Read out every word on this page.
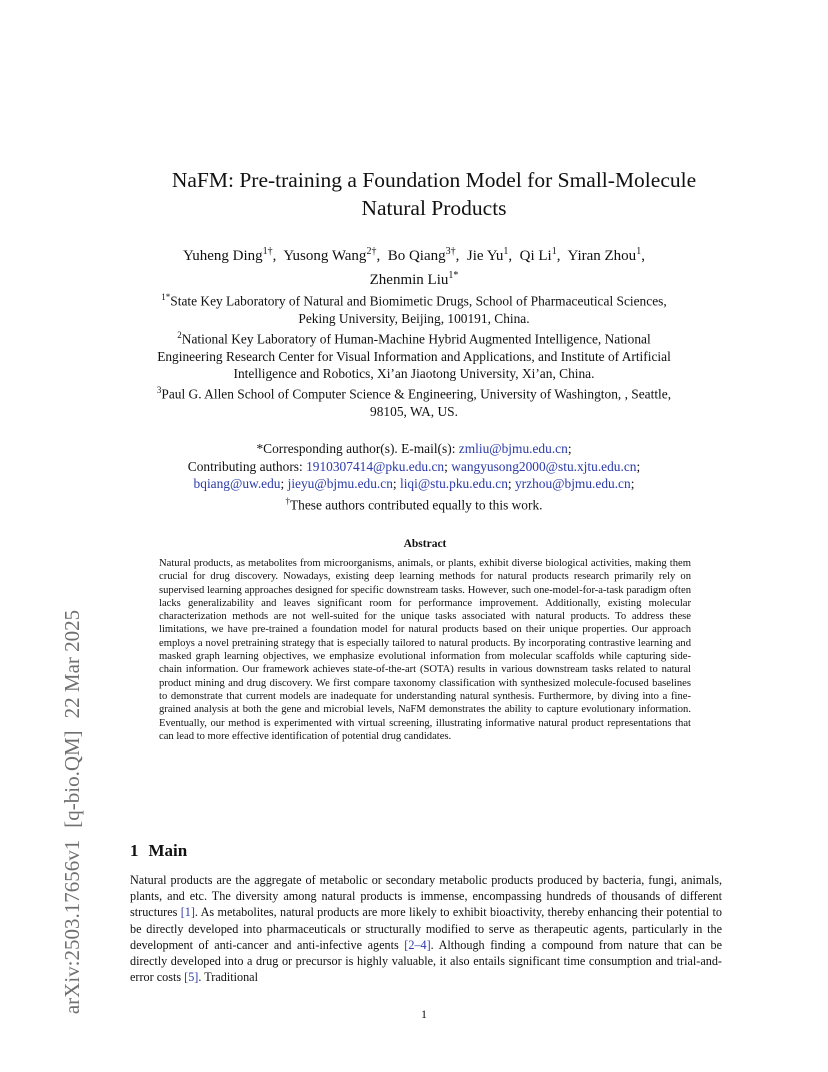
arXiv:2503.17656v1[q-bio.QM]22 Mar 2025
NaFM: Pre-training a Foundation Model for Small-Molecule
Natural Products
Yuheng Ding$^{1\dagger}$,  Yusong Wang$^{2\dagger}$,  Bo Qiang$^{3\dagger}$,  Jie Yu$^1$,  Qi Li$^1$,  Yiran Zhou$^1$,
Zhenmin Liu$^{1*}$
$^{1*}$State Key Laboratory of Natural and Biomimetic Drugs, School of Pharmaceutical Sciences, Peking University, Beijing, 100191, China.
$^2$National Key Laboratory of Human-Machine Hybrid Augmented Intelligence, National Engineering Research Center for Visual Information and Applications, and Institute of Artificial Intelligence and Robotics, Xi’an Jiaotong University, Xi’an, China.
$^3$Paul G. Allen School of Computer Science & Engineering, University of Washington, , Seattle, 98105, WA, US.
*Corresponding author(s). E-mail(s): zmliu@bjmu.edu.cn;
Contributing authors: 1910307414@pku.edu.cn; wangyusong2000@stu.xjtu.edu.cn;
bqiang@uw.edu; jieyu@bjmu.edu.cn; liqi@stu.pku.edu.cn; yrzhou@bjmu.edu.cn;
†These authors contributed equally to this work.
Abstract
Natural products, as metabolites from microorganisms, animals, or plants, exhibit diverse biological activities, making them crucial for drug discovery. Nowadays, existing deep learning methods for natural products research primarily rely on supervised learning approaches designed for specific downstream tasks. However, such one-model-for-a-task paradigm often lacks generalizability and leaves significant room for performance improvement. Additionally, existing molecular characterization methods are not well-suited for the unique tasks associated with natural products. To address these limitations, we have pre-trained a foundation model for natural products based on their unique properties. Our approach employs a novel pretraining strategy that is especially tailored to natural products. By incorporating contrastive learning and masked graph learning objectives, we emphasize evolutional information from molecular scaffolds while capturing side-chain information. Our framework achieves state-of-the-art (SOTA) results in various downstream tasks related to natural product mining and drug discovery. We first compare taxonomy classification with synthesized molecule-focused baselines to demonstrate that current models are inadequate for understanding natural synthesis. Furthermore, by diving into a fine-grained analysis at both the gene and microbial levels, NaFM demonstrates the ability to capture evolutionary information. Eventually, our method is experimented with virtual screening, illustrating informative natural product representations that can lead to more effective identification of potential drug candidates.
1 Main
Natural products are the aggregate of metabolic or secondary metabolic products produced by bacteria, fungi, animals, plants, and etc. The diversity among natural products is immense, encompassing hundreds of thousands of different structures [1]. As metabolites, natural products are more likely to exhibit bioactivity, thereby enhancing their potential to be directly developed into pharmaceuticals or structurally modified to serve as therapeutic agents, particularly in the development of anti-cancer and anti-infective agents [2–4]. Although finding a compound from nature that can be directly developed into a drug or precursor is highly valuable, it also entails significant time consumption and trial-and-error costs [5]. Traditional
1
